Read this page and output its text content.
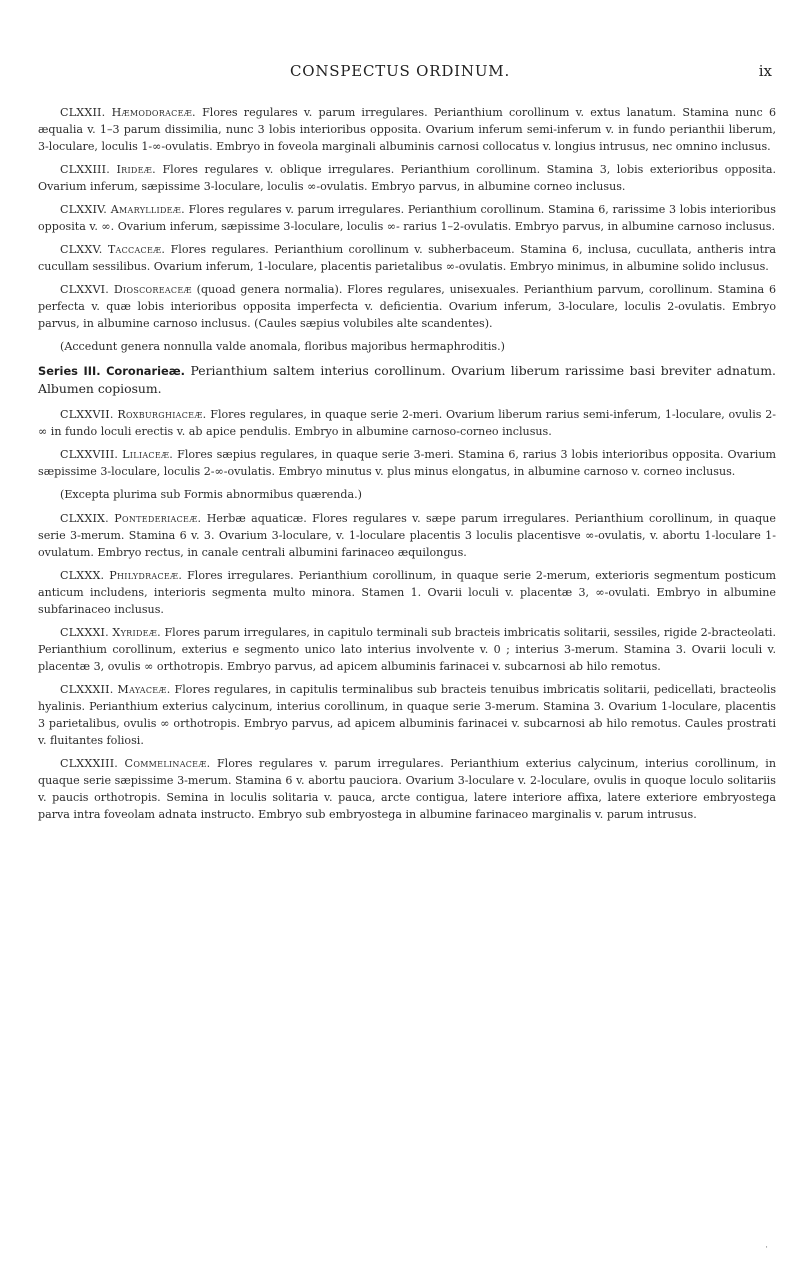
CONSPECTUS ORDINUM.	ix

CLXXII. Hæmodoraceæ. Flores regulares v. parum irregulares. Perianthium corollinum v. extus lanatum. Stamina nunc 6 æqualia v. 1–3 parum dissimilia, nunc 3 lobis interioribus opposita. Ovarium inferum semi-inferum v. in fundo perianthii liberum, 3-loculare, loculis 1-∞-ovulatis. Embryo in foveola marginali albuminis carnosi collocatus v. longius intrusus, nec omnino inclusus.

CLXXIII. Irideæ. Flores regulares v. oblique irregulares. Perianthium corollinum. Stamina 3, lobis exterioribus opposita. Ovarium inferum, sæpissime 3-loculare, loculis ∞-ovulatis. Embryo parvus, in albumine corneo inclusus.

CLXXIV. Amaryllideæ. Flores regulares v. parum irregulares. Perianthium corollinum. Stamina 6, rarissime 3 lobis interioribus opposita v. ∞. Ovarium inferum, sæpissime 3-loculare, loculis ∞- rarius 1–2-ovulatis. Embryo parvus, in albumine carnoso inclusus.

CLXXV. Taccaceæ. Flores regulares. Perianthium corollinum v. subherbaceum. Stamina 6, inclusa, cucullata, antheris intra cucullam sessilibus. Ovarium inferum, 1-loculare, placentis parietalibus ∞-ovulatis. Embryo minimus, in albumine solido inclusus.

CLXXVI. Dioscoreaceæ (quoad genera normalia). Flores regulares, unisexuales. Perianthium parvum, corollinum. Stamina 6 perfecta v. quæ lobis interioribus opposita imperfecta v. deficientia. Ovarium inferum, 3-loculare, loculis 2-ovulatis. Embryo parvus, in albumine carnoso inclusus. (Caules sæpius volubiles alte scandentes).

(Accedunt genera nonnulla valde anomala, floribus majoribus hermaphroditis.)

Series III. Coronarieæ. Perianthium saltem interius corollinum. Ovarium liberum rarissime basi breviter adnatum. Albumen copiosum.

CLXXVII. Roxburghiaceæ. Flores regulares, in quaque serie 2-meri. Ovarium liberum rarius semi-inferum, 1-loculare, ovulis 2-∞ in fundo loculi erectis v. ab apice pendulis. Embryo in albumine carnoso-corneo inclusus.

CLXXVIII. Liliaceæ. Flores sæpius regulares, in quaque serie 3-meri. Stamina 6, rarius 3 lobis interioribus opposita. Ovarium sæpissime 3-loculare, loculis 2-∞-ovulatis. Embryo minutus v. plus minus elongatus, in albumine carnoso v. corneo inclusus.

(Excepta plurima sub Formis abnormibus quærenda.)

CLXXIX. Pontederiaceæ. Herbæ aquaticæ. Flores regulares v. sæpe parum irregulares. Perianthium corollinum, in quaque serie 3-merum. Stamina 6 v. 3. Ovarium 3-loculare, v. 1-loculare placentis 3 loculis placentisve ∞-ovulatis, v. abortu 1-loculare 1-ovulatum. Embryo rectus, in canale centrali albumini farinaceo æquilongus.

CLXXX. Philydraceæ. Flores irregulares. Perianthium corollinum, in quaque serie 2-merum, exterioris segmentum posticum anticum includens, interioris segmenta multo minora. Stamen 1. Ovarii loculi v. placentæ 3, ∞-ovulati. Embryo in albumine subfarinaceo inclusus.

CLXXXI. Xyrideæ. Flores parum irregulares, in capitulo terminali sub bracteis imbricatis solitarii, sessiles, rigide 2-bracteolati. Perianthium corollinum, exterius e segmento unico lato interius involvente v. 0 ; interius 3-merum. Stamina 3. Ovarii loculi v. placentæ 3, ovulis ∞ orthotropis. Embryo parvus, ad apicem albuminis farinacei v. subcarnosi ab hilo remotus.

CLXXXII. Mayaceæ. Flores regulares, in capitulis terminalibus sub bracteis tenuibus imbricatis solitarii, pedicellati, bracteolis hyalinis. Perianthium exterius calycinum, interius corollinum, in quaque serie 3-merum. Stamina 3. Ovarium 1-loculare, placentis 3 parietalibus, ovulis ∞ orthotropis. Embryo parvus, ad apicem albuminis farinacei v. subcarnosi ab hilo remotus. Caules prostrati v. fluitantes foliosi.

CLXXXIII. Commelinaceæ. Flores regulares v. parum irregulares. Perianthium exterius calycinum, interius corollinum, in quaque serie sæpissime 3-merum. Stamina 6 v. abortu pauciora. Ovarium 3-loculare v. 2-loculare, ovulis in quoque loculo solitariis v. paucis orthotropis. Semina in loculis solitaria v. pauca, arcte contigua, latere interiore affixa, latere exteriore embryostega parva intra foveolam adnata instructo. Embryo sub embryostega in albumine farinaceo marginalis v. parum intrusus.

·
